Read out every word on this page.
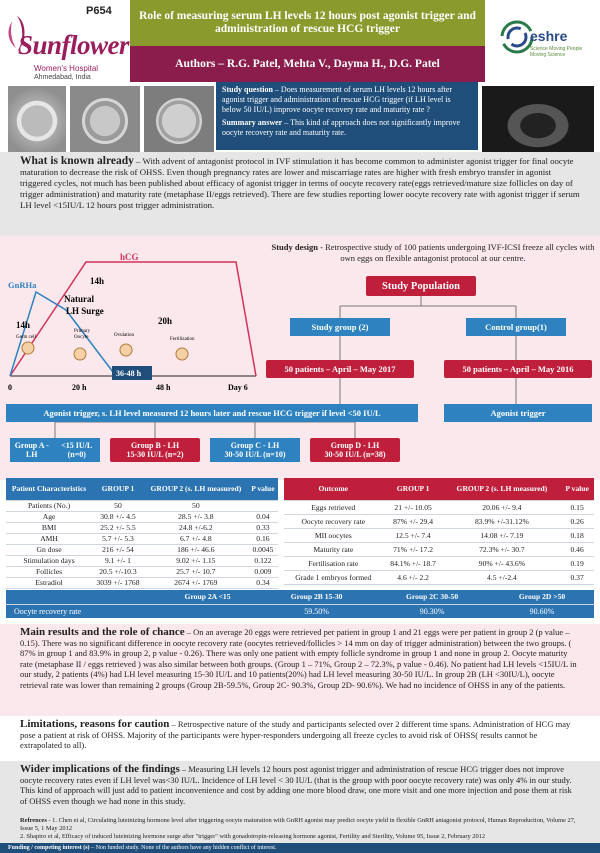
P654
Sunflower
Women's Hospital
Ahmedabad, India
Role of measuring serum LH levels 12 hours post agonist trigger and administration of rescue HCG trigger
Authors – R.G. Patel, Mehta V., Dayma H., D.G. Patel
eshre
Science Moving People Moving Science

Study question – Does measurement of serum LH levels 12 hours after agonist trigger and administration of rescue HCG trigger (if LH level is below 50 IU/L) improve oocyte recovery rate and maturity rate ?

Summary answer – This kind of approach does not significantly improve oocyte recovery rate and maturity rate.

What is known already – With advent of antagonist protocol in IVF stimulation it has become common to administer agonist trigger for final oocyte maturation to decrease the risk of OHSS. Even though pregnancy rates are lower and miscarriage rates are higher with fresh embryo transfer in agonist triggered cycles, not much has been published about efficacy of agonist trigger in terms of oocyte recovery rate(eggs retrieved/mature size follicles on day of trigger administration) and maturity rate (metaphase II/eggs retrieved). There are few studies reporting lower oocyte recovery rate with agonist trigger if serum LH level <15IU/L 12 hours post trigger administration.
Study design - Retrospective study of 100 patients undergoing IVF-ICSI freeze all cycles with own eggs on flexible antagonist protocol at our centre.
hCG
GnRHa	14h
Natural
LH Surge
14h	20h
Germ cell
Primary
Oocyte	Ovulation
Fertilization
0	20 h
36-48 h
48 h	Day 6
Study Population
Study group (2)	Control group(1)
50 patients – April – May 2017	50 patients – April – May 2016
Agonist trigger, s. LH level measured 12 hours later and rescue HCG trigger if level <50 IU/L	Agonist trigger
Group A - LH
<15 IU/L (n=0)
Group B - LH
15-30 IU/L (n=2)
Group C - LH
30-50 IU/L (n=10)
Group D - LH
30-50 IU/L (n=38)
Patient Characteristics	GROUP 1	GROUP 2 (s. LH measured)	P value
Patients (No.)	50	50	
Age	30.8 +/- 4.5	28.5 +/- 3.8	0.04
BMI	25.2 +/- 5.5	24.8 +/-6.2	0.33
AMH	5.7 +/- 5.3	6.7 +/- 4.8	0.16
Gn dose	216 +/- 54	186 +/- 46.6	0.0045
Stimulation days	9.1 +/- 1	9.02 +/- 1.15	0.122
Follicles	20.5 +/-10.3	25.7 +/- 10.7	0.009
Estradiol	3039 +/- 1768	2674 +/- 1769	0.34
Outcome	GROUP 1	GROUP 2 (s. LH measured)	P value
Eggs retrieved	21 +/- 10.05	20.06 +/- 9.4	0.15
Oocyte recovery rate	87% +/- 29.4	83.9% +/-31.12%	0.26
MII oocytes	12.5 +/- 7.4	14.08 +/- 7.19	0.18
Maturity rate	71% +/- 17.2	72.3% +/- 30.7	0.46
Fertilisation rate	84.1% +/- 18.7	90% +/- 43.6%	0.19
Grade 1 embryos formed	4.6 +/- 2.2	4.5 +/-2.4	0.37
	Group 2A <15	Group 2B 15-30	Group 2C 30-50	Group 2D >50
Oocyte recovery rate		59.50%	90.30%	90.60%
Main results and the role of chance – On an average 20 eggs were retrieved per patient in group 1 and 21 eggs were per patient in group 2 (p value – 0.15). There was no significant difference in oocyte recovery rate (oocytes retrieved/follicles > 14 mm on day of trigger administration) between the two groups. ( 87% in group 1 and 83.9% in group 2, p value - 0.26). There was only one patient with empty follicle syndrome in group 1 and none in group 2. Oocyte maturity rate (metaphase II / eggs retrieved ) was also similar between both groups. (Group 1 – 71%, Group 2 – 72.3%, p value - 0.46). No patient had LH levels <15IU/L in our study, 2 patients (4%) had LH level measuring 15-30 IU/L and 10 patients(20%) had LH level measuring 30-50 IU/L. In group 2B (LH <30IU/L), oocyte retrieval rate was lower than remaining 2 groups (Group 2B-59.5%, Group 2C- 90.3%, Group 2D- 90.6%). We had no incidence of OHSS in any of the patients.
Limitations, reasons for caution – Retrospective nature of the study and participants selected over 2 different time spans. Administration of HCG may pose a patient at risk of OHSS. Majority of the participants were hyper-responders undergoing all freeze cycles to avoid risk of OHSS( results cannot be extrapolated to all).
Wider implications of the findings – Measuring LH levels 12 hours post agonist trigger and administration of rescue HCG trigger does not improve oocyte recovery rates even if LH level was<30 IU/L. Incidence of LH level < 30 IU/L (that is the group with poor oocyte recovery rate) was only 4% in our study. This kind of approach will just add to patient inconvenience and cost by adding one more blood draw, one more visit and one more injection and pose them at risk of OHSS even though we had none in this study.
Refrences - 1. Chen et al, Circulating luteinizing hormone level after triggering oocyte maturation with GnRH agonist may predict oocyte yield in flexible GnRH antagonist protocol, Human Reproduction, Volume 27, Issue 5, 1 May 2012
2. Shapiro et al, Efficacy of induced luteinizing hormone surge after "trigger" with gonadotropin-releasing hormone agonist, Fertility and Sterility, Volume 95, Issue 2, February 2012
Funding / competing interest (s) – Non funded study. None of the authors have any hidden conflict of interest.
